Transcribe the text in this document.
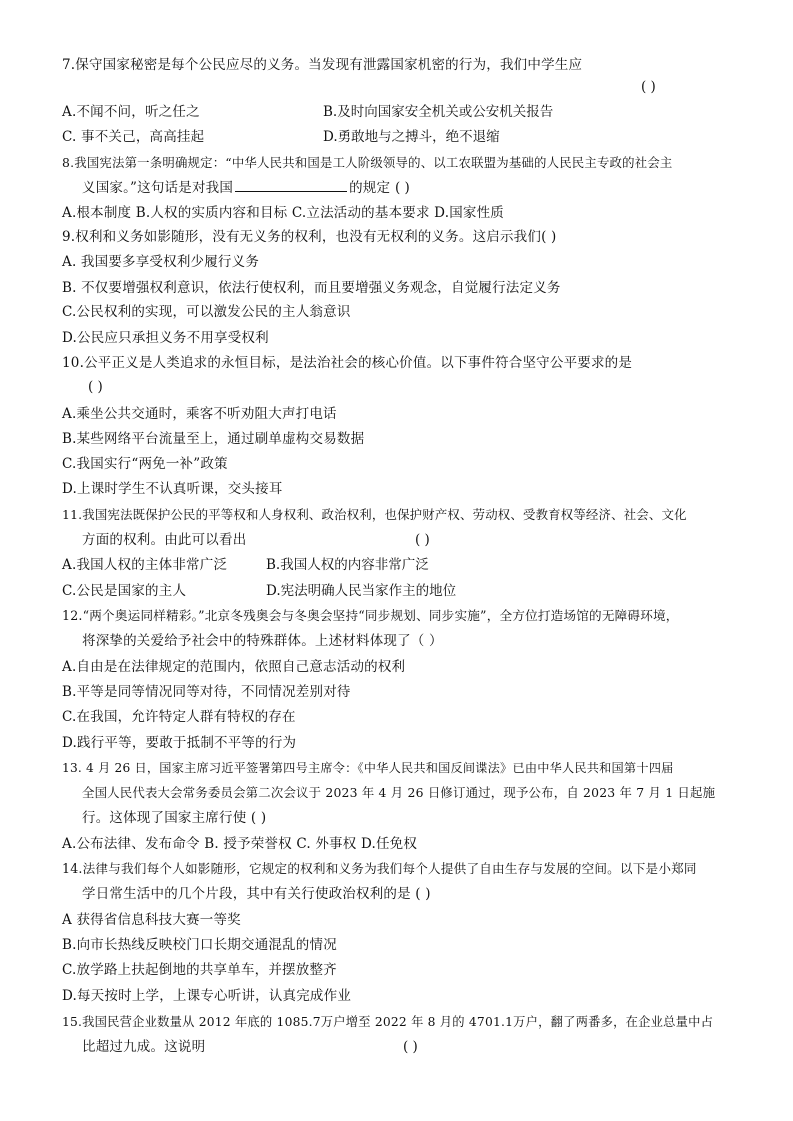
7.保守国家秘密是每个公民应尽的义务。当发现有泄露国家机密的行为，我们中学生应
( )
A.不闻不问，听之任之	B.及时向国家安全机关或公安机关报告
C. 事不关己，高高挂起	D.勇敢地与之搏斗，绝不退缩
8.我国宪法第一条明确规定：“中华人民共和国是工人阶级领导的、以工农联盟为基础的人民民主专政的社会主
义国家。”这句话是对我国	的规定 ( )
A.根本制度 B.人权的实质内容和目标 C.立法活动的基本要求 D.国家性质
9.权利和义务如影随形，没有无义务的权利，也没有无权利的义务。这启示我们( )
A. 我国要多享受权利少履行义务
B. 不仅要增强权利意识，依法行使权利，而且要增强义务观念，自觉履行法定义务
C.公民权利的实现，可以激发公民的主人翁意识
D.公民应只承担义务不用享受权利
10.公平正义是人类追求的永恒目标，是法治社会的核心价值。以下事件符合坚守公平要求的是
( )
A.乘坐公共交通时，乘客不听劝阻大声打电话
B.某些网络平台流量至上，通过刷单虚构交易数据
C.我国实行“两免一补”政策
D.上课时学生不认真听课，交头接耳
11.我国宪法既保护公民的平等权和人身权利、政治权利，也保护财产权、劳动权、受教育权等经济、社会、文化
方面的权利。由此可以看出	( )
A.我国人权的主体非常广泛	B.我国人权的内容非常广泛
C.公民是国家的主人	D.宪法明确人民当家作主的地位
12.“两个奥运同样精彩。”北京冬残奥会与冬奥会坚持“同步规划、同步实施”，全方位打造场馆的无障碍环境，
将深挚的关爱给予社会中的特殊群体。上述材料体现了（ ）
A.自由是在法律规定的范围内，依照自己意志活动的权利
B.平等是同等情况同等对待，不同情况差别对待
C.在我国，允许特定人群有特权的存在
D.践行平等，要敢于抵制不平等的行为
13. 4 月 26 日，国家主席习近平签署第四号主席令：《中华人民共和国反间谍法》已由中华人民共和国第十四届
全国人民代表大会常务委员会第二次会议于 2023 年 4 月 26 日修订通过，现予公布，自 2023 年 7 月 1 日起施
行。这体现了国家主席行使 ( )
A.公布法律、发布命令 B. 授予荣誉权 C. 外事权 D.任免权
14.法律与我们每个人如影随形，它规定的权利和义务为我们每个人提供了自由生存与发展的空间。以下是小郑同
学日常生活中的几个片段，其中有关行使政治权利的是 ( )
A 获得省信息科技大赛一等奖
B.向市长热线反映校门口长期交通混乱的情况
C.放学路上扶起倒地的共享单车，并摆放整齐
D.每天按时上学，上课专心听讲，认真完成作业
15.我国民营企业数量从 2012 年底的 1085.7万户增至 2022 年 8 月的 4701.1万户，翻了两番多，在企业总量中占
比超过九成。这说明	( )
